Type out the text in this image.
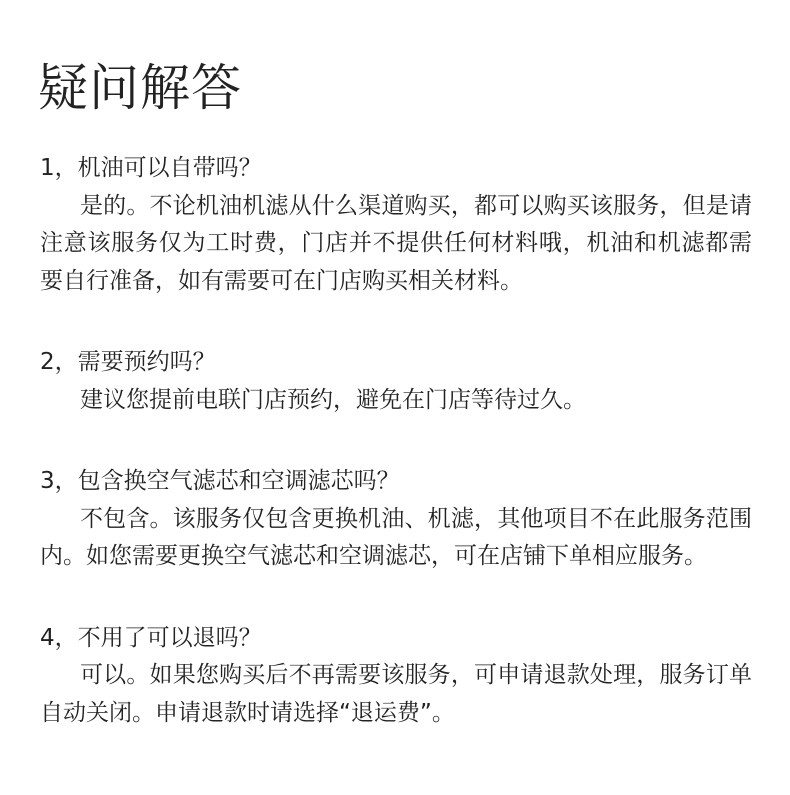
疑问解答

1，机油可以自带吗？

是的。不论机油机滤从什么渠道购买，都可以购买该服务，但是请注意该服务仅为工时费，门店并不提供任何材料哦，机油和机滤都需要自行准备，如有需要可在门店购买相关材料。

2，需要预约吗？

建议您提前电联门店预约，避免在门店等待过久。

3，包含换空气滤芯和空调滤芯吗？

不包含。该服务仅包含更换机油、机滤，其他项目不在此服务范围内。如您需要更换空气滤芯和空调滤芯，可在店铺下单相应服务。

4，不用了可以退吗？

可以。如果您购买后不再需要该服务，可申请退款处理，服务订单自动关闭。申请退款时请选择“退运费”。
